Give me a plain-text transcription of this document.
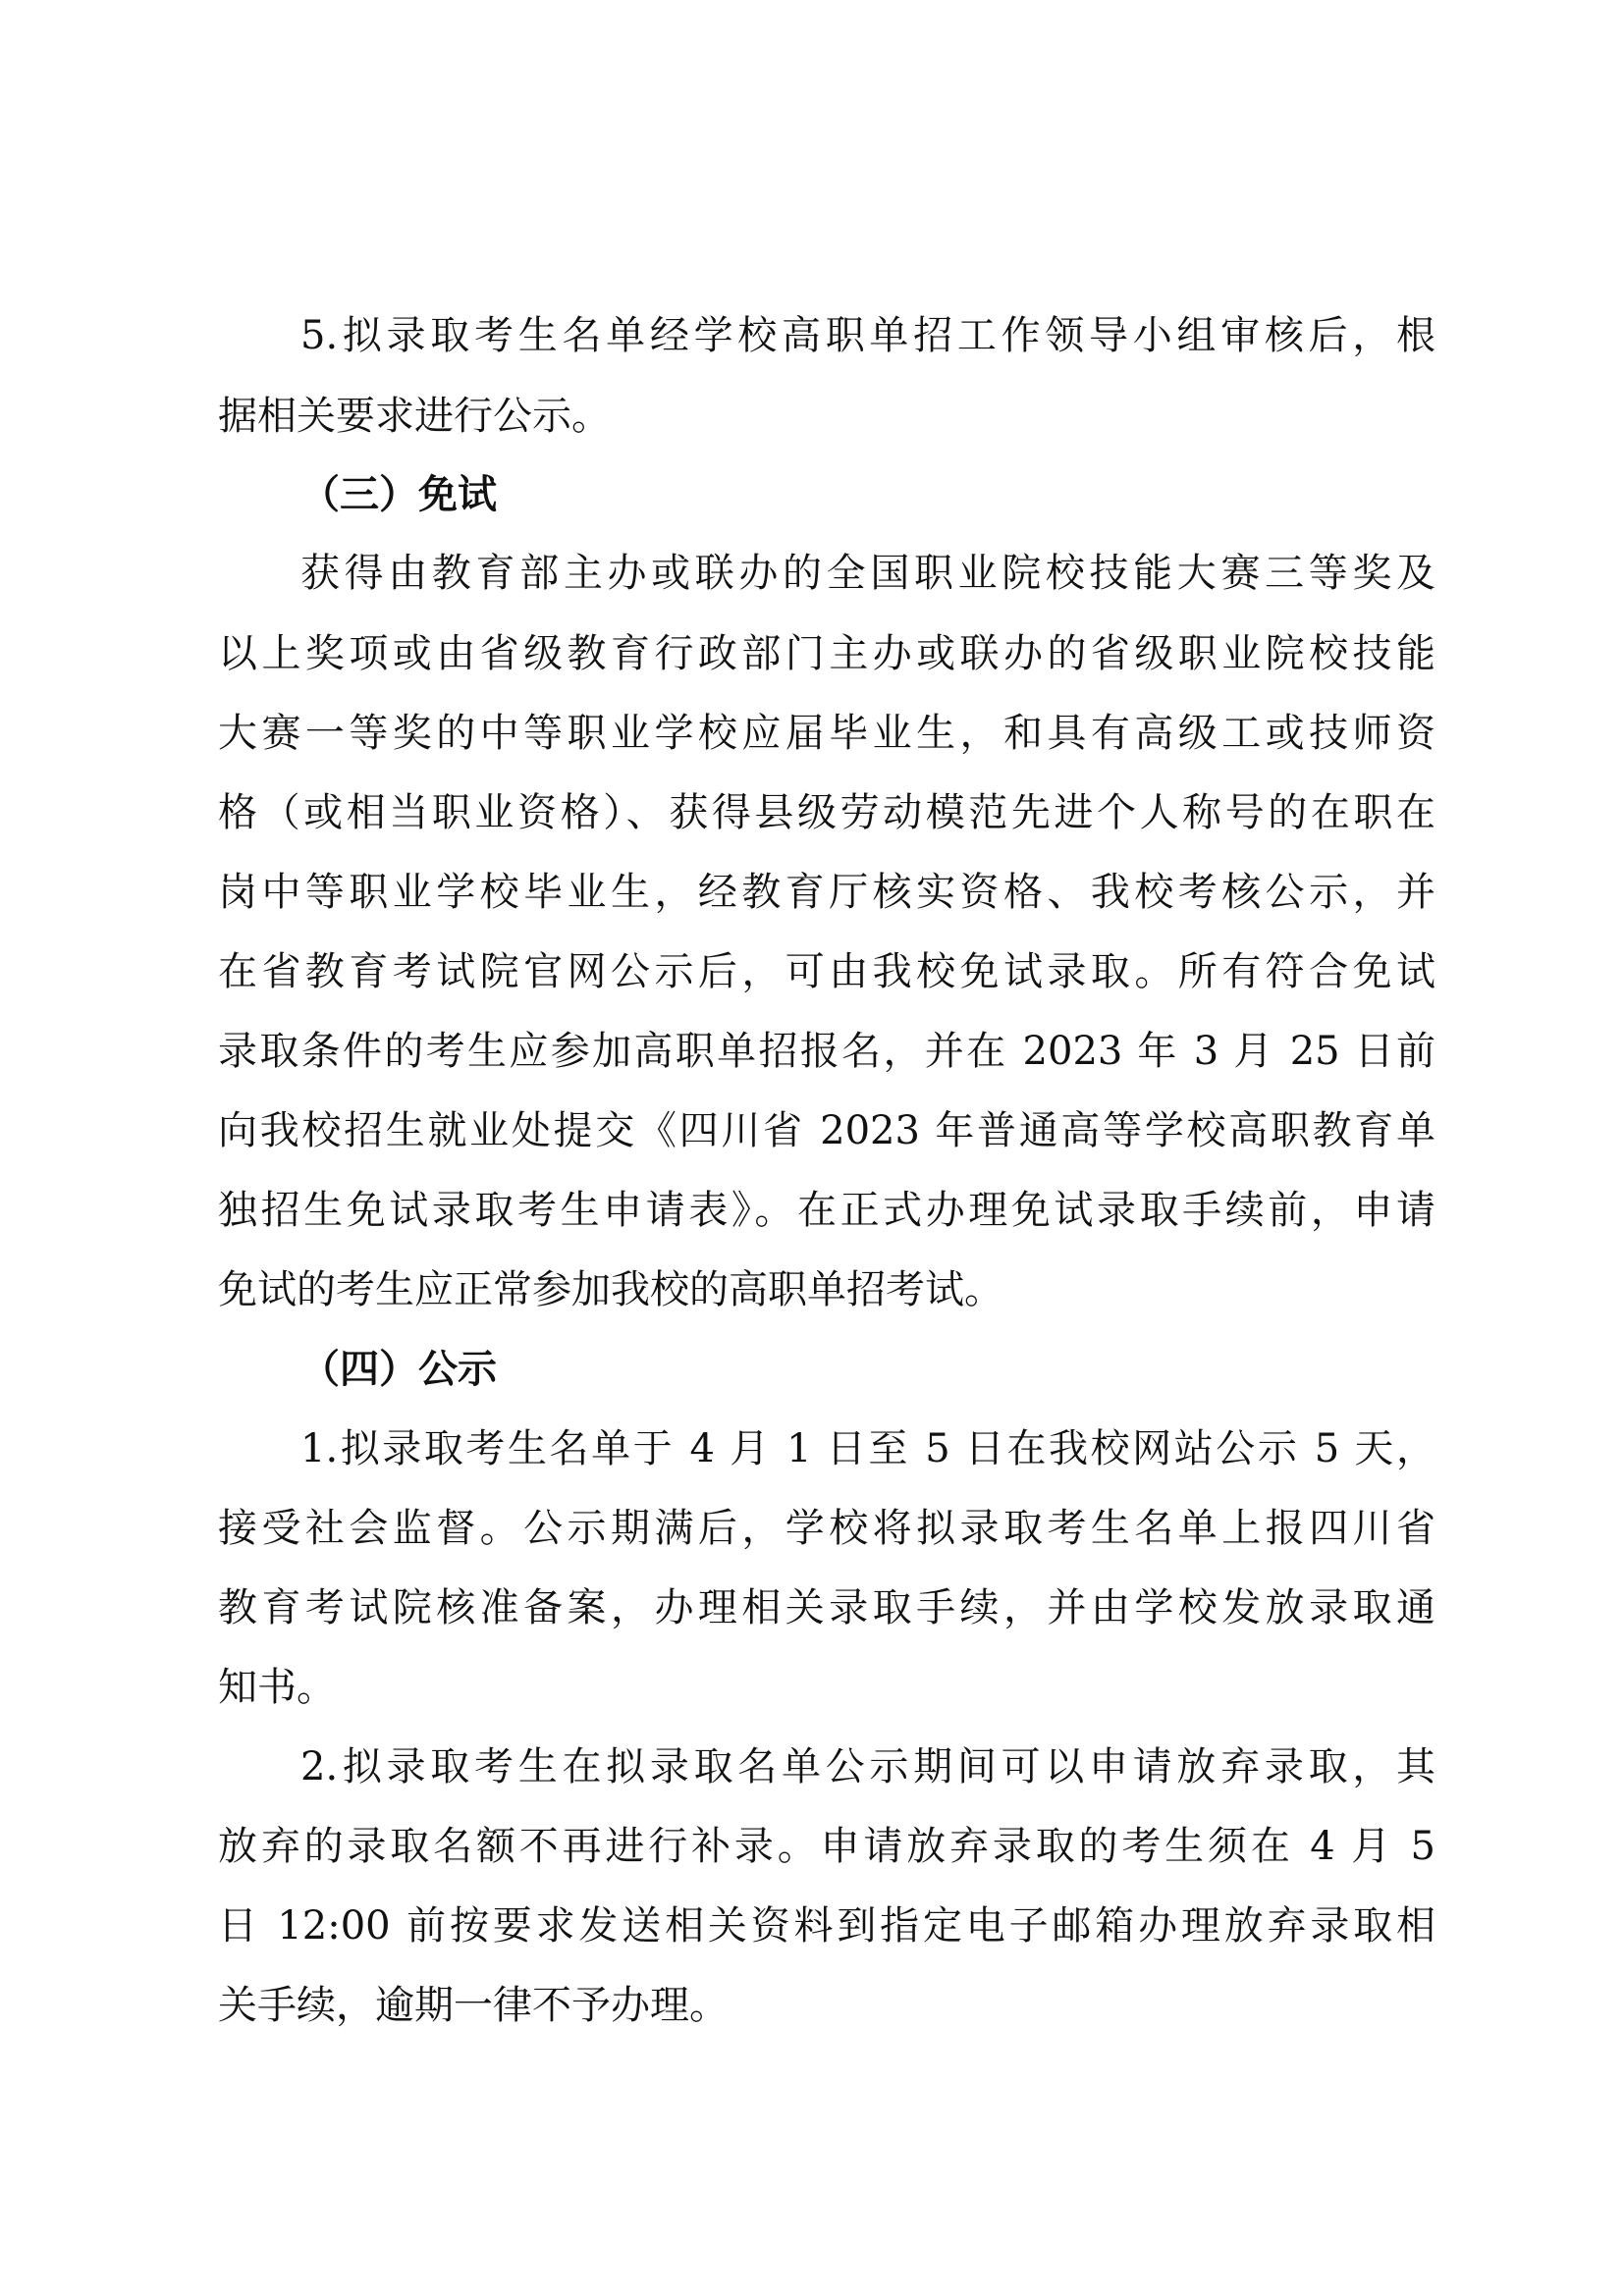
5.拟录取考生名单经学校高职单招工作领导小组审核后，根
据相关要求进行公示。
（三）免试
获得由教育部主办或联办的全国职业院校技能大赛三等奖及
以上奖项或由省级教育行政部门主办或联办的省级职业院校技能
大赛一等奖的中等职业学校应届毕业生，和具有高级工或技师资
格（或相当职业资格）、获得县级劳动模范先进个人称号的在职在
岗中等职业学校毕业生，经教育厅核实资格、我校考核公示，并
在省教育考试院官网公示后，可由我校免试录取。所有符合免试
录取条件的考生应参加高职单招报名，并在 2023 年 3 月 25 日前
向我校招生就业处提交《四川省 2023 年普通高等学校高职教育单
独招生免试录取考生申请表》。在正式办理免试录取手续前，申请
免试的考生应正常参加我校的高职单招考试。
（四）公示
1.拟录取考生名单于 4 月 1 日至 5 日在我校网站公示 5 天，
接受社会监督。公示期满后，学校将拟录取考生名单上报四川省
教育考试院核准备案，办理相关录取手续，并由学校发放录取通
知书。
2.拟录取考生在拟录取名单公示期间可以申请放弃录取，其
放弃的录取名额不再进行补录。申请放弃录取的考生须在 4 月 5
日 12:00 前按要求发送相关资料到指定电子邮箱办理放弃录取相
关手续，逾期一律不予办理。
